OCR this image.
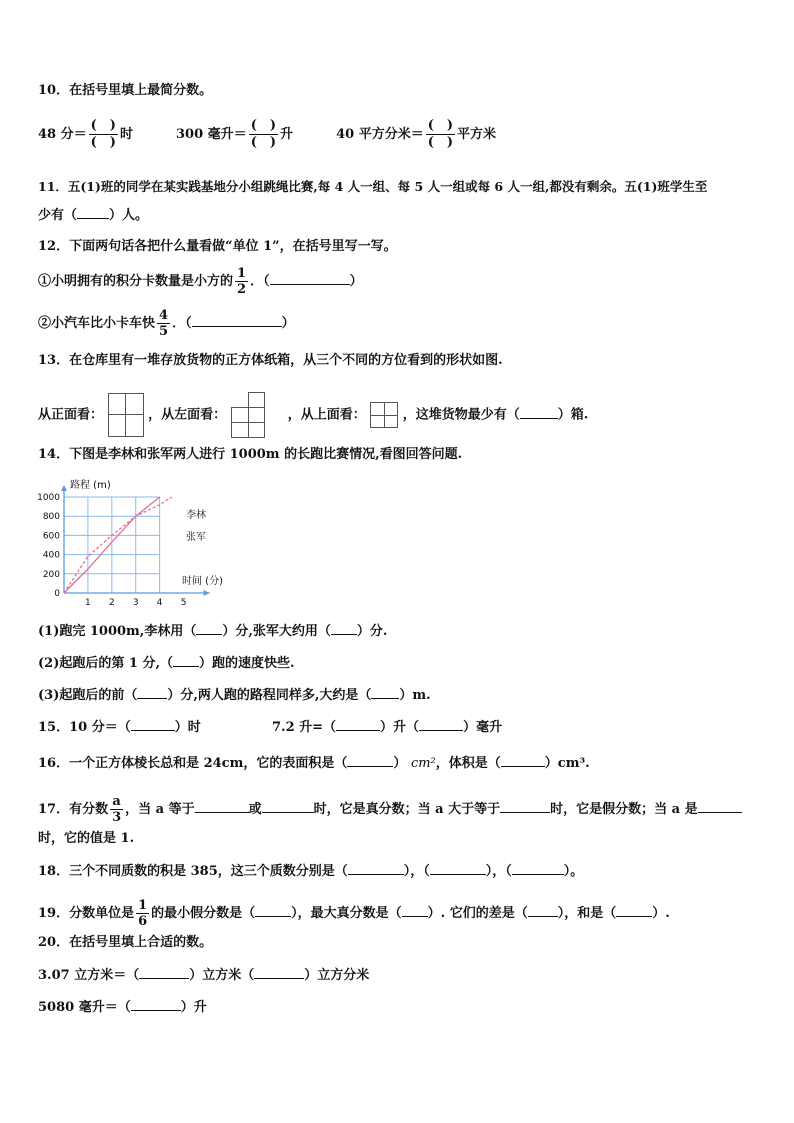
10．在括号里填上最简分数。
48 分＝ $\frac{( )}{( )}$ 时	300 毫升＝ $\frac{( )}{( )}$ 升	40 平方分米＝ $\frac{( )}{( )}$ 平方米
11．五(1)班的同学在某实践基地分小组跳绳比赛,每 4 人一组、每 5 人一组或每 6 人一组,都没有剩余。五(1)班学生至
少有（ ）人。
12．下面两句话各把什么量看做“单位 1”，在括号里写一写。
①小明拥有的积分卡数量是小方的 $\frac{1}{2}$ ．（	）
②小汽车比小卡车快 $\frac{4}{5}$ ．（	）
13．在仓库里有一堆存放货物的正方体纸箱，从三个不同的方位看到的形状如图.
从正面看：	，从左面看：	，从上面看：	，这堆货物最少有（	）箱.
14．下图是李林和张军两人进行 1000m 的长跑比赛情况,看图回答问题.
0
200
400
600
800
1000
1 2 3 4 5
路程 (m)
时间 (分)
李林
张军
(1)跑完 1000m,李林用（ ）分,张军大约用（ ）分.
(2)起跑后的第 1 分,（ ）跑的速度快些.
(3)起跑后的前（ ）分,两人跑的路程同样多,大约是（ ）m.
15．10 分＝（	）时	7.2 升=（	）升（	）毫升
16．一个正方体棱长总和是 24cm，它的表面积是（	） cm²，体积是（	）cm³.
17．有分数 $\frac{a}{3}$ ，当 a 等于	或	时，它是真分数；当 a 大于等于	时，它是假分数；当 a 是
时，它的值是 1.
18．三个不同质数的积是 385，这三个质数分别是（	），（	），（	）。
19．分数单位是 $\frac{1}{6}$ 的最小假分数是（	），最大真分数是（ ）. 它们的差是（ ），和是（	）.
20．在括号里填上合适的数。
3.07 立方米＝（	）立方米（	）立方分米
5080 毫升＝（	）升
